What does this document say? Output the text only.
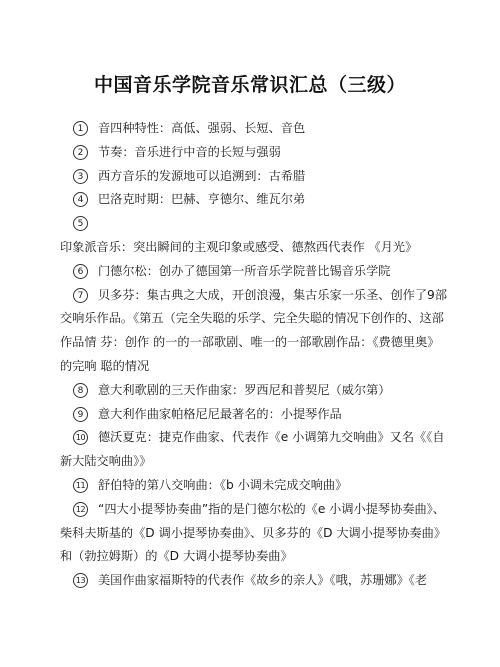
中国音乐学院音乐常识汇总（三级）
1 音四种特性：高低、强弱、长短、音色
2 节奏：音乐进行中音的长短与强弱
3 西方音乐的发源地可以追溯到：古希腊
4 巴洛克时期：巴赫、亨德尔、维瓦尔弟
5印象派音乐：突出瞬间的主观印象或感受、德熬西代表作 《月光》
6 门德尔松：创办了德国第一所音乐学院普比锡音乐学院
7 贝多芬：集古典之大成，开创浪漫，集古乐家一乐圣、创作了9部交响乐作品。《第五（完全失聪的乐学、完全失聪的情况下创作的、这部作品情 芬：创作 的一的一部歌剧、唯一的一部歌剧作品：《费德里奥》的完响 聪的情况
8 意大利歌剧的三天作曲家：罗西尼和普契尼（威尔第）
9 意大利作曲家帕格尼尼最著名的：小提琴作品
10 德沃夏克：捷克作曲家、代表作《e 小调第九交响曲》又名《《自新大陆交响曲》》
11 舒伯特的第八交响曲：《b 小调未完成交响曲》
12 “四大小提琴协奏曲”指的是门德尔松的《e 小调小提琴协奏曲》、柴科夫斯基的《D 调小提琴协奏曲》、贝多芬的《D 大调小提琴协奏曲》和（勃拉姆斯）的《D 大调小提琴协奏曲》
13 美国作曲家福斯特的代表作《故乡的亲人》《哦，苏珊娜》《老
